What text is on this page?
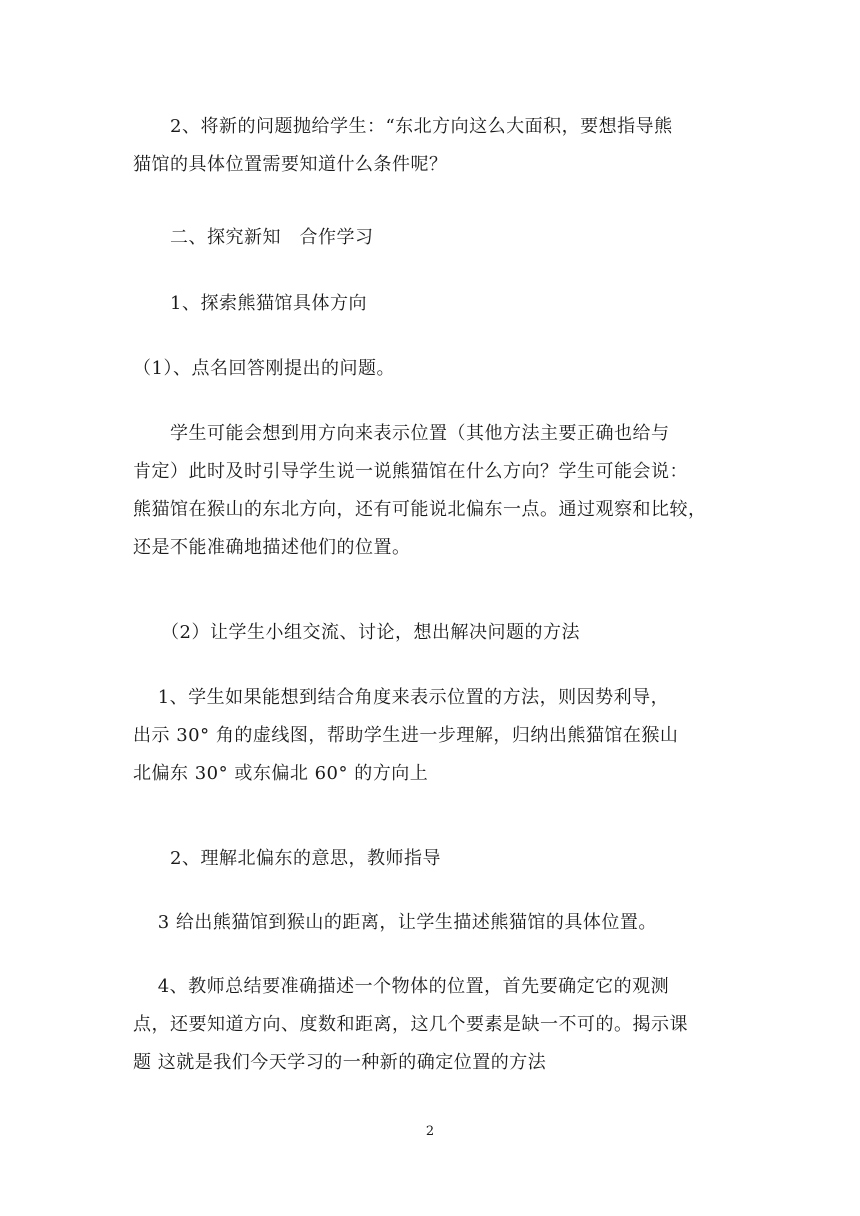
　　2、将新的问题抛给学生：“东北方向这么大面积，要想指导熊
猫馆的具体位置需要知道什么条件呢？

　　二、探究新知　合作学习

　　1、探索熊猫馆具体方向

（1）、点名回答刚提出的问题。

　　学生可能会想到用方向来表示位置（其他方法主要正确也给与
肯定）此时及时引导学生说一说熊猫馆在什么方向？学生可能会说：
熊猫馆在猴山的东北方向，还有可能说北偏东一点。通过观察和比较，
还是不能准确地描述他们的位置。

　　（2）让学生小组交流、讨论，想出解决问题的方法

　 1、学生如果能想到结合角度来表示位置的方法，则因势利导，
出示 30° 角的虚线图，帮助学生进一步理解，归纳出熊猫馆在猴山
北偏东 30° 或东偏北 60° 的方向上

　　2、理解北偏东的意思，教师指导

　 3 给出熊猫馆到猴山的距离，让学生描述熊猫馆的具体位置。

　 4、教师总结要准确描述一个物体的位置，首先要确定它的观测
点，还要知道方向、度数和距离，这几个要素是缺一不可的。揭示课
题 这就是我们今天学习的一种新的确定位置的方法

2
